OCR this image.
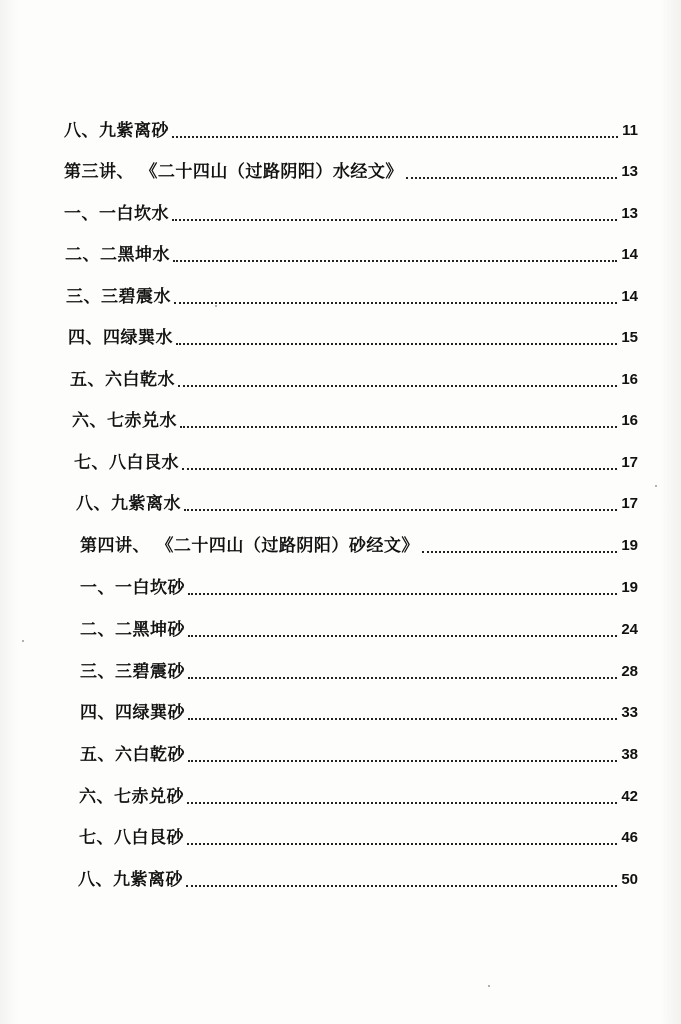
八、九紫离砂	11
第三讲、 《二十四山（过路阴阳）水经文》	13
一、一白坎水	13
二、二黑坤水	14
三、三碧震水	14
四、四绿巽水	15
五、六白乾水	16
六、七赤兑水	16
七、八白艮水	17
八、九紫离水	17
第四讲、 《二十四山（过路阴阳）砂经文》	19
一、一白坎砂	19
二、二黑坤砂	24
三、三碧震砂	28
四、四绿巽砂	33
五、六白乾砂	38
六、七赤兑砂	42
七、八白艮砂	46
八、九紫离砂	50
